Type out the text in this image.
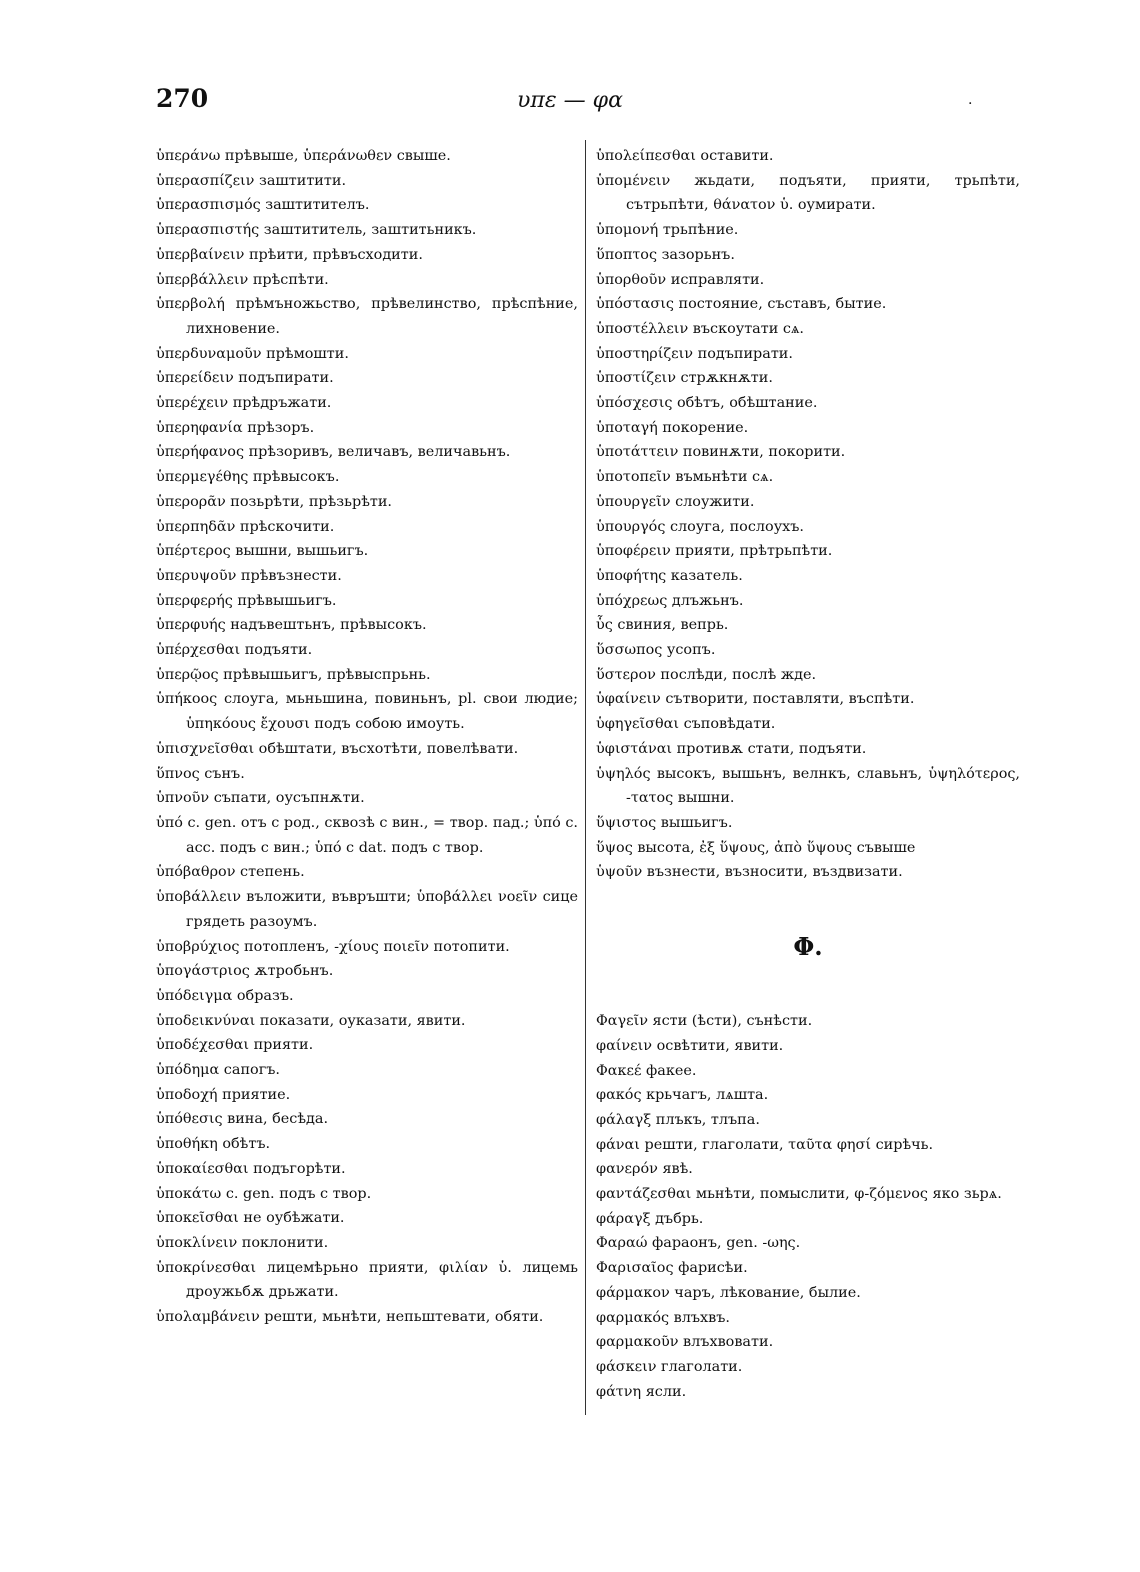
270	υπε — φα	.
ὑπεράνω прѣвыше, ὑπεράνωθεν свыше.
ὑπερασπίζειν заштитити.
ὑπερασπισμός заштитителъ.
ὑπερασπιστής заштититель, заштитьникъ.
ὑπερβαίνειν прѣити, прѣвъсходити.
ὑπερβάλλειν прѣспѣти.
ὑπερβολή прѣмъножьство, прѣвелинство, прѣспѣние, лихновение.
ὑπερδυναμοῦν прѣмошти.
ὑπερείδειν подъпирати.
ὑπερέχειν прѣдръжати.
ὑπερηφανία прѣзоръ.
ὑπερήφανος прѣзоривъ, величавъ, величавьнъ.
ὑπερμεγέθης прѣвысокъ.
ὑπερορᾶν позьрѣти, прѣзьрѣти.
ὑπερπηδᾶν прѣскочити.
ὑπέρτερος вышни, вышьигъ.
ὑπερυψοῦν прѣвъзнести.
ὑπερφερής прѣвышьигъ.
ὑπερφυής надъвештьнъ, прѣвысокъ.
ὑπέρχεσθαι подъяти.
ὑπερῷος прѣвышьигъ, прѣвыспрьнь.
ὑπήκοος слоуга, мьньшина, повиньнъ, pl. свои людие; ὑπηκόους ἔχουσι подъ собою имоуть.
ὑπισχνεῖσθαι обѣштати, въсхотѣти, повелѣвати.
ὕπνος сънъ.
ὑπνοῦν съпати, оусъпнѫти.
ὑπό c. gen. отъ с род., сквозѣ с вин., = твор. пад.; ὑπό c. acc. подъ с вин.; ὑπό c dat. подъ с твор.
ὑπόβαθρον степень.
ὑποβάλλειν въложити, въвръшти; ὑποβάλλει νοεῖν сице грядеть разоумъ.
ὑποβρύχιος потопленъ, -χίους ποιεῖν потопити.
ὑπογάστριος ѫтробьнъ.
ὑπόδειγμα образъ.
ὑποδεικνύναι показати, оуказати, явити.
ὑποδέχεσθαι прияти.
ὑπόδημα сапогъ.
ὑποδοχή приятие.
ὑπόθεσις вина, бесѣда.
ὑποθήκη обѣтъ.
ὑποκαίεσθαι подъгорѣти.
ὑποκάτω c. gen. подъ с твор.
ὑποκεῖσθαι не оубѣжати.
ὑποκλίνειν поклонити.
ὑποκρίνεσθαι лицемѣрьно прияти, φιλίαν ὑ. лицемь дроужьбѫ дрьжати.
ὑπολαμβάνειν решти, мьнѣти, непьштевати, обяти.
ὑπολείπεσθαι оставити.
ὑπομένειν жьдати, подъяти, прияти, трьпѣти, сътрьпѣти, θάνατον ὑ. оумирати.
ὑπομονή трьпѣние.
ὕποπτος зазорьнъ.
ὑπορθοῦν исправляти.
ὑπόστασις постояние, съставъ, бытие.
ὑποστέλλειν въскоутати сѧ.
ὑποστηρίζειν подъпирати.
ὑποστίζειν стрѫкнѫти.
ὑπόσχεσις обѣтъ, обѣштание.
ὑποταγή покорение.
ὑποτάττειν повинѫти, покорити.
ὑποτοπεῖν въмьнѣти сѧ.
ὑπουργεῖν слоужити.
ὑπουργός слоуга, послоухъ.
ὑποφέρειν прияти, прѣтрьпѣти.
ὑποφήτης казатель.
ὑπόχρεως длъжьнъ.
ὗς свиния, вепрь.
ὕσσωπος усопъ.
ὕστερον послѣди, послѣ жде.
ὑφαίνειν сътворити, поставляти, въспѣти.
ὑφηγεῖσθαι съповѣдати.
ὑφιστάναι противѫ стати, подъяти.
ὑψηλός высокъ, вышьнъ, велнкъ, славьнъ, ὑψηλότερος, -τατος вышни.
ὕψιστος вышьигъ.
ὕψος высота, ἐξ ὕψους, ἀπὸ ὕψους съвыше
ὑψοῦν възнести, възносити, въздвизати.
Φ.
Φαγεῖν ясти (ѣсти), сънѣсти.
φαίνειν освѣтити, явити.
Φακεέ факее.
φακός крьчагъ, лѧшта.
φάλαγξ плъкъ, тлъпа.
φάναι решти, глаголати, ταῦτα φησί сирѣчь.
φανερόν явѣ.
φαντάζεσθαι мьнѣти, помыслити, φ-ζόμενος яко зьрѧ.
φάραγξ дъбрь.
Φαραώ фараонъ, gen. -ωης.
Φαρισαῖος фарисѣи.
φάρμακον чаръ, лѣкование, былие.
φαρμακός влъхвъ.
φαρμακοῦν влъхвовати.
φάσκειν глаголати.
φάτνη ясли.
